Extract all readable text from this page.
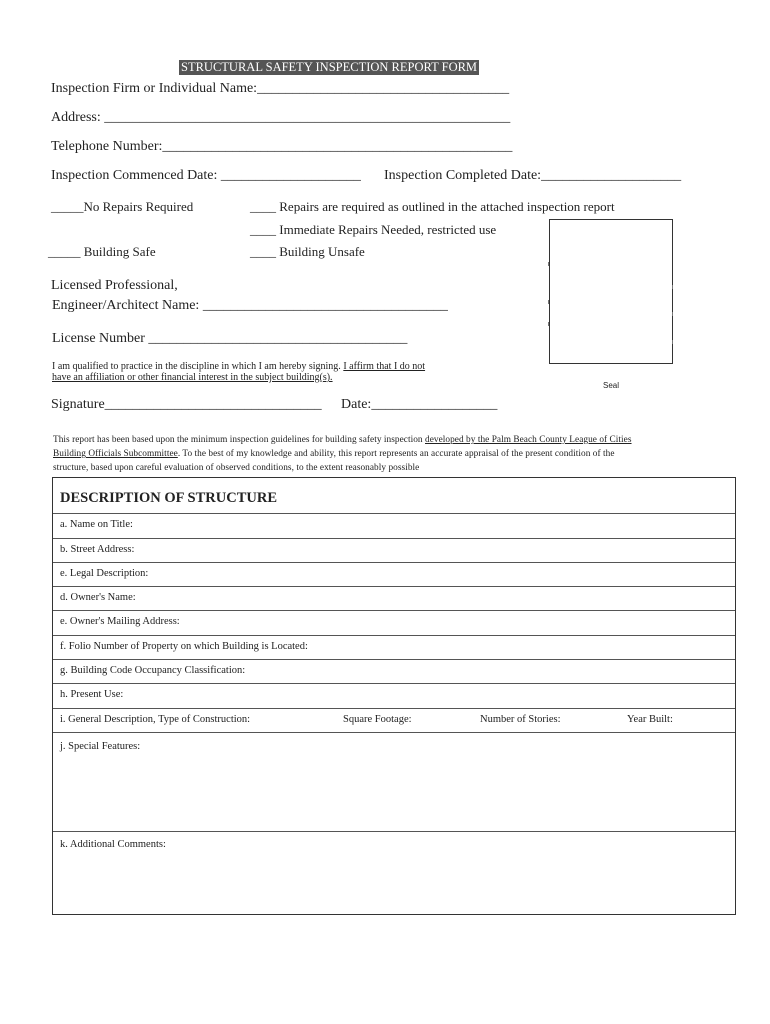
STRUCTURAL SAFETY INSPECTION REPORT FORM
Inspection Firm or Individual Name:____________________________________
Address: __________________________________________________________
Telephone Number:__________________________________________________
Inspection Commenced Date: ____________________ Inspection Completed Date:____________________
_____No Repairs Required	____ Repairs are required as outlined in the attached inspection report
____ Immediate Repairs Needed, restricted use
_____ Building Safe	____ Building Unsafe
Seal
Licensed Professional,
Engineer/Architect Name: ___________________________________
License Number _____________________________________
I am qualified to practice in the discipline in which I am hereby signing. I affirm that I do not
have an affiliation or other financial interest in the subject building(s).
Signature_______________________________ Date:__________________
This report has been based upon the minimum inspection guidelines for building safety inspection developed by the Palm Beach County League of Cities
Building Officials Subcommittee. To the best of my knowledge and ability, this report represents an accurate appraisal of the present condition of the
structure, based upon careful evaluation of observed conditions, to the extent reasonably possible
DESCRIPTION OF STRUCTURE
a. Name on Title:
b. Street Address:
e. Legal Description:
d. Owner's Name:
e. Owner's Mailing Address:
f. Folio Number of Property on which Building is Located:
g. Building Code Occupancy Classification:
h. Present Use:
i. General Description, Type of Construction:	Square Footage:	Number of Stories:	Year Built:
j. Special Features:
k. Additional Comments:
